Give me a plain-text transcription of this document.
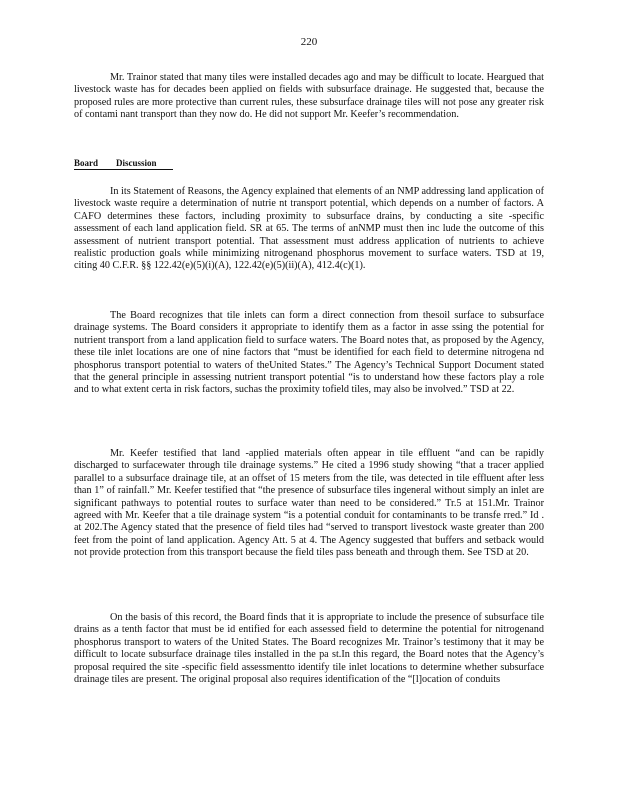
220

Mr. Trainor stated that many tiles were installed decades ago and may be difficult to locate. Heargued that livestock waste has for decades been applied on fields with subsurface drainage. He suggested that, because the proposed rules are more protective than current rules, these subsurface drainage tiles will not pose any greater risk of contami nant transport than they now do. He did not support Mr. Keefer’s recommendation.

Board Discussion

In its Statement of Reasons, the Agency explained that elements of an NMP addressing land application of livestock waste require a determination of nutrie nt transport potential, which depends on a number of factors. A CAFO determines these factors, including proximity to subsurface drains, by conducting a site -specific assessment of each land application field. SR at 65. The terms of anNMP must then inc lude the outcome of this assessment of nutrient transport potential. That assessment must address application of nutrients to achieve realistic production goals while minimizing nitrogenand phosphorus movement to surface waters. TSD at 19, citing 40 C.F.R. §§ 122.42(e)(5)(i)(A), 122.42(e)(5)(ii)(A), 412.4(c)(1).

The Board recognizes that tile inlets can form a direct connection from thesoil surface to subsurface drainage systems. The Board considers it appropriate to identify them as a factor in asse ssing the potential for nutrient transport from a land application field to surface waters. The Board notes that, as proposed by the Agency, these tile inlet locations are one of nine factors that “must be identified for each field to determine nitrogena nd phosphorus transport potential to waters of theUnited States.” The Agency’s Technical Support Document stated that the general principle in assessing nutrient transport potential “is to understand how these factors play a role and to what extent certa in risk factors, suchas the proximity tofield tiles, may also be involved.” TSD at 22.

Mr. Keefer testified that land -applied materials often appear in tile effluent “and can be rapidly discharged to surfacewater through tile drainage systems.” He cited a 1996 study showing “that a tracer applied parallel to a subsurface drainage tile, at an offset of 15 meters from the tile, was detected in tile effluent after less than 1” of rainfall.” Mr. Keefer testified that “the presence of subsurface tiles ingeneral without simply an inlet are significant pathways to potential routes to surface water than need to be considered.” Tr.5 at 151.Mr. Trainor agreed with Mr. Keefer that a tile drainage system “is a potential conduit for contaminants to be transfe rred.” Id . at 202.The Agency stated that the presence of field tiles had “served to transport livestock waste greater than 200 feet from the point of land application. Agency Att. 5 at 4. The Agency suggested that buffers and setback would not provide protection from this transport because the field tiles pass beneath and through them. See TSD at 20.

On the basis of this record, the Board finds that it is appropriate to include the presence of subsurface tile drains as a tenth factor that must be id entified for each assessed field to determine the potential for nitrogenand phosphorus transport to waters of the United States. The Board recognizes Mr. Trainor’s testimony that it may be difficult to locate subsurface drainage tiles installed in the pa st.In this regard, the Board notes that the Agency’s proposal required the site -specific field assessmentto identify tile inlet locations to determine whether subsurface drainage tiles are present. The original proposal also requires identification of the “[l]ocation of conduits
